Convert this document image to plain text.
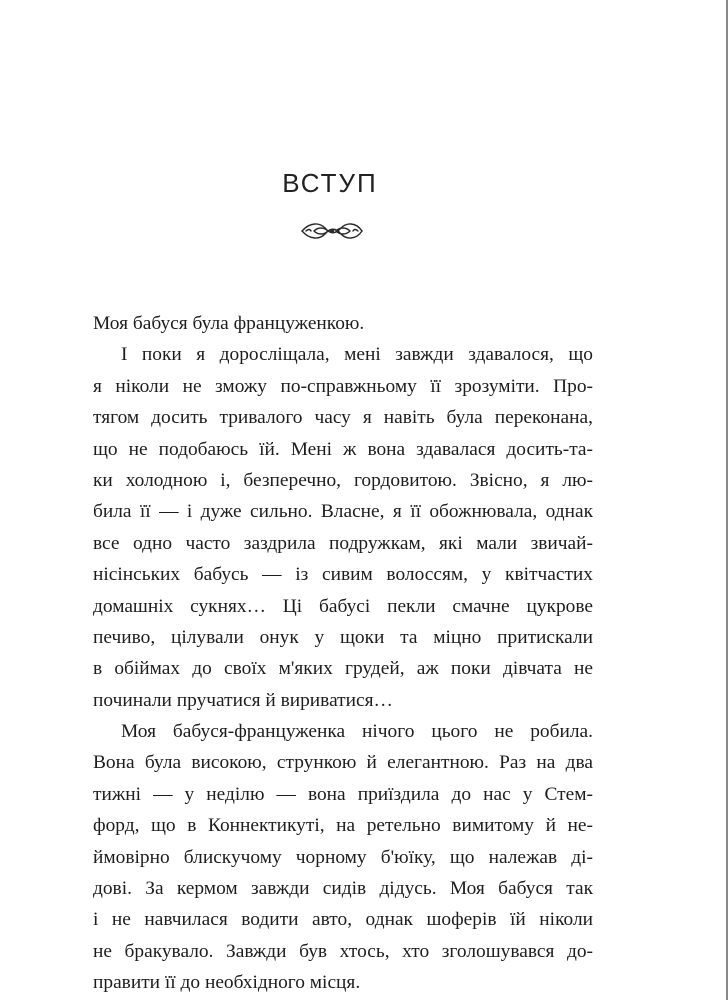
ВСТУП
Моя бабуся була француженкою.
І поки я доросліщала, мені завжди здавалося, що
я ніколи не зможу по-справжньому її зрозуміти. Про-
тягом досить тривалого часу я навіть була переконана,
що не подобаюсь їй. Мені ж вона здавалася досить-та-
ки холодною і, безперечно, гордовитою. Звісно, я лю-
била її — і дуже сильно. Власне, я її обожнювала, однак
все одно часто заздрила подружкам, які мали звичай-
нісінських бабусь — із сивим волоссям, у квітчастих
домашніх сукнях… Ці бабусі пекли смачне цукрове
печиво, цілували онук у щоки та міцно притискали
в обіймах до своїх м'яких грудей, аж поки дівчата не
починали пручатися й вириватися…
Моя бабуся-француженка нічого цього не робила.
Вона була високою, стрункою й елегантною. Раз на два
тижні — у неділю — вона приїздила до нас у Стем-
форд, що в Коннектикуті, на ретельно вимитому й не-
ймовірно блискучому чорному б'юїку, що належав ді-
дові. За кермом завжди сидів дідусь. Моя бабуся так
і не навчилася водити авто, однак шоферів їй ніколи
не бракувало. Завжди був хтось, хто зголошувався до-
правити її до необхідного місця.
